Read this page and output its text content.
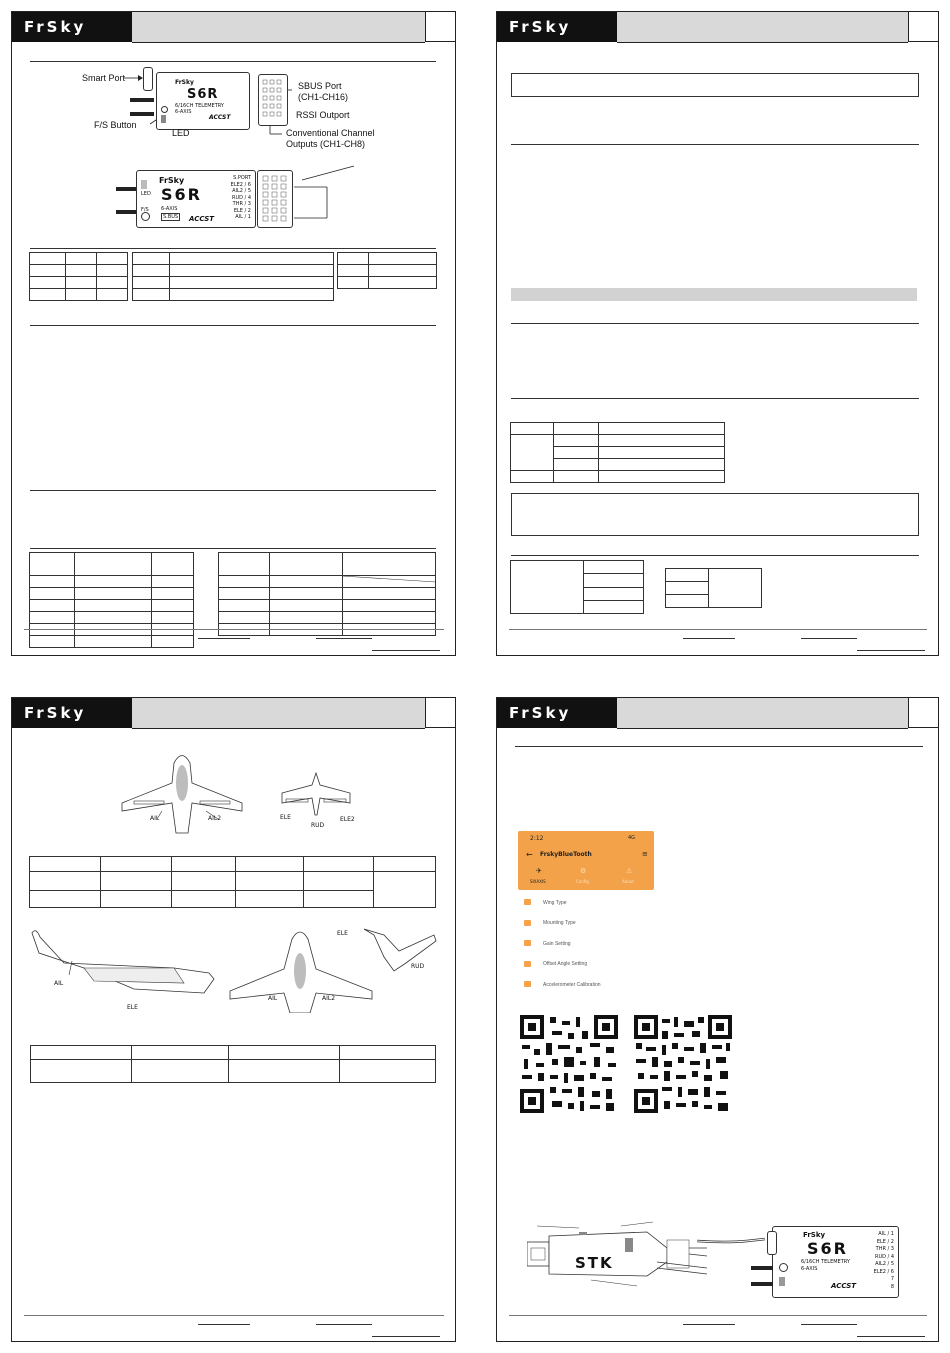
FrSky
Smart Port	FrSky
S6R
6/16CH TELEMETRY
6-AXIS
ACCST
SBUS Port
(CH1-CH16)
RSSI Outport
Conventional Channel
Outputs (CH1-CH8)
F/S Button
LED
FrSky
S6R
6-AXIS
S.BUS ACCST
LED
F/S
S.PORT
ELE2 / 6
AIL2 / 5
RUD / 4
THR / 3
ELE / 2
AIL / 1

FrSky

FrSky
AIL	AIL2	ELE
RUD
ELE2

AIL
ELE
AIL	AIL2
ELE
RUD

FrSky
2:12	4G
← FrskyBlueTooth	≡
✈	⚙	⚠
SIXAXIS	Config	About
Wing Type
Mounting Type
Gain Setting
Offset Angle Setting
Accelerometer Calibration
STK
FrSky
S6R
6/16CH TELEMETRY
6-AXIS
ACCST
AIL / 1
ELE / 2
THR / 3
RUD / 4
AIL2 / 5
ELE2 / 6
7
8
